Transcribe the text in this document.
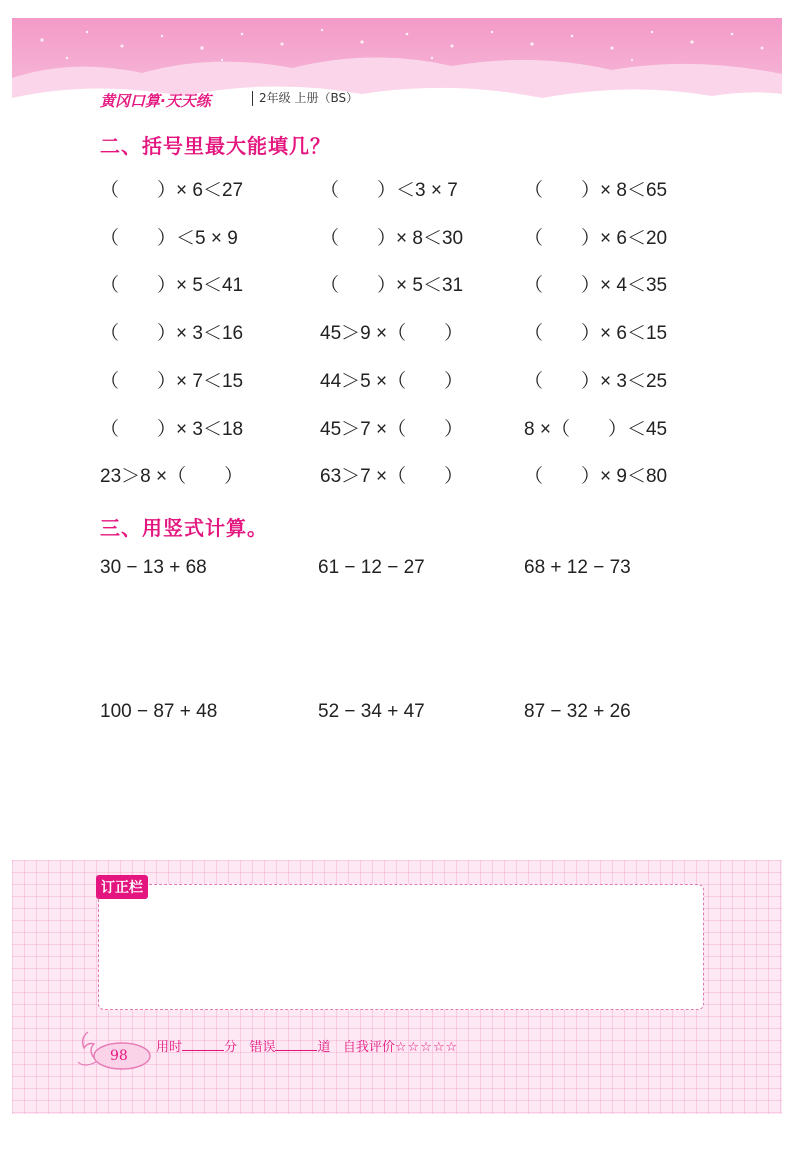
黄冈口算·天天练	2年级 上册（BS）
二、括号里最大能填几？
（　　）× 6＜27	（　　）＜3 × 7	（　　）× 8＜65
（　　）＜5 × 9	（　　）× 8＜30	（　　）× 6＜20
（　　）× 5＜41	（　　）× 5＜31	（　　）× 4＜35
（　　）× 3＜16	45＞9 ×（　　）	（　　）× 6＜15
（　　）× 7＜15	44＞5 ×（　　）	（　　）× 3＜25
（　　）× 3＜18	45＞7 ×（　　）	8 ×（　　）＜45
23＞8 ×（　　）	63＞7 ×（　　）	（　　）× 9＜80
三、用竖式计算。
30 − 13 + 68	61 − 12 − 27	68 + 12 − 73
100 − 87 + 48	52 − 34 + 47	87 − 32 + 26
订正栏
98
用时	分 错误	道 自我评价☆☆☆☆☆
